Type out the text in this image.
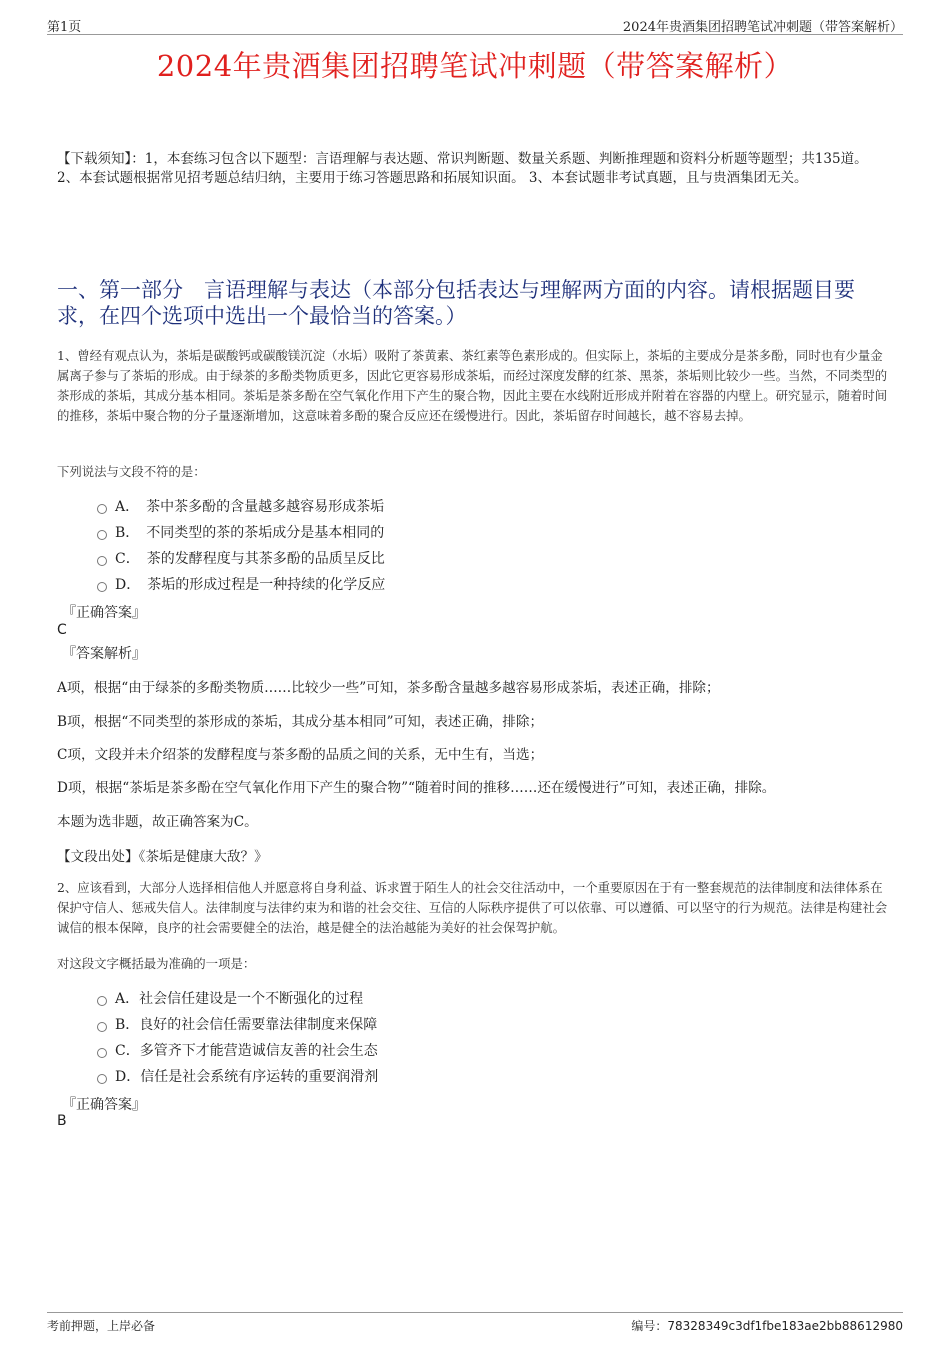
第1页	2024年贵酒集团招聘笔试冲刺题（带答案解析）
2024年贵酒集团招聘笔试冲刺题（带答案解析）
【下载须知】：1，本套练习包含以下题型：言语理解与表达题、常识判断题、数量关系题、判断推理题和资料分析题等题型；共135道。 2、本套试题根据常见招考题总结归纳，主要用于练习答题思路和拓展知识面。 3、本套试题非考试真题，且与贵酒集团无关。
一、第一部分　言语理解与表达（本部分包括表达与理解两方面的内容。请根据题目要求，在四个选项中选出一个最恰当的答案。）
1、曾经有观点认为，茶垢是碳酸钙或碳酸镁沉淀（水垢）吸附了茶黄素、茶红素等色素形成的。但实际上，茶垢的主要成分是茶多酚，同时也有少量金属离子参与了茶垢的形成。由于绿茶的多酚类物质更多，因此它更容易形成茶垢，而经过深度发酵的红茶、黑茶，茶垢则比较少一些。当然，不同类型的茶形成的茶垢，其成分基本相同。茶垢是茶多酚在空气氧化作用下产生的聚合物，因此主要在水线附近形成并附着在容器的内壁上。研究显示，随着时间的推移，茶垢中聚合物的分子量逐渐增加，这意味着多酚的聚合反应还在缓慢进行。因此，茶垢留存时间越长，越不容易去掉。
下列说法与文段不符的是：
A．　茶中茶多酚的含量越多越容易形成茶垢
B．　不同类型的茶的茶垢成分是基本相同的
C．　茶的发酵程度与其茶多酚的品质呈反比
D．　茶垢的形成过程是一种持续的化学反应
『正确答案』
C
『答案解析』
A项，根据“由于绿茶的多酚类物质……比较少一些”可知，茶多酚含量越多越容易形成茶垢，表述正确，排除；
B项，根据“不同类型的茶形成的茶垢，其成分基本相同”可知，表述正确，排除；
C项，文段并未介绍茶的发酵程度与茶多酚的品质之间的关系，无中生有，当选；
D项，根据“茶垢是茶多酚在空气氧化作用下产生的聚合物”“随着时间的推移……还在缓慢进行”可知，表述正确，排除。
本题为选非题，故正确答案为C。
【文段出处】《茶垢是健康大敌？》
2、应该看到，大部分人选择相信他人并愿意将自身利益、诉求置于陌生人的社会交往活动中，一个重要原因在于有一整套规范的法律制度和法律体系在保护守信人、惩戒失信人。法律制度与法律约束为和谐的社会交往、互信的人际秩序提供了可以依靠、可以遵循、可以坚守的行为规范。法律是构建社会诚信的根本保障，良序的社会需要健全的法治，越是健全的法治越能为美好的社会保驾护航。
对这段文字概括最为准确的一项是：
A．社会信任建设是一个不断强化的过程
B．良好的社会信任需要靠法律制度来保障
C．多管齐下才能营造诚信友善的社会生态
D．信任是社会系统有序运转的重要润滑剂
『正确答案』
B
考前押题，上岸必备	编号：78328349c3df1fbe183ae2bb88612980
